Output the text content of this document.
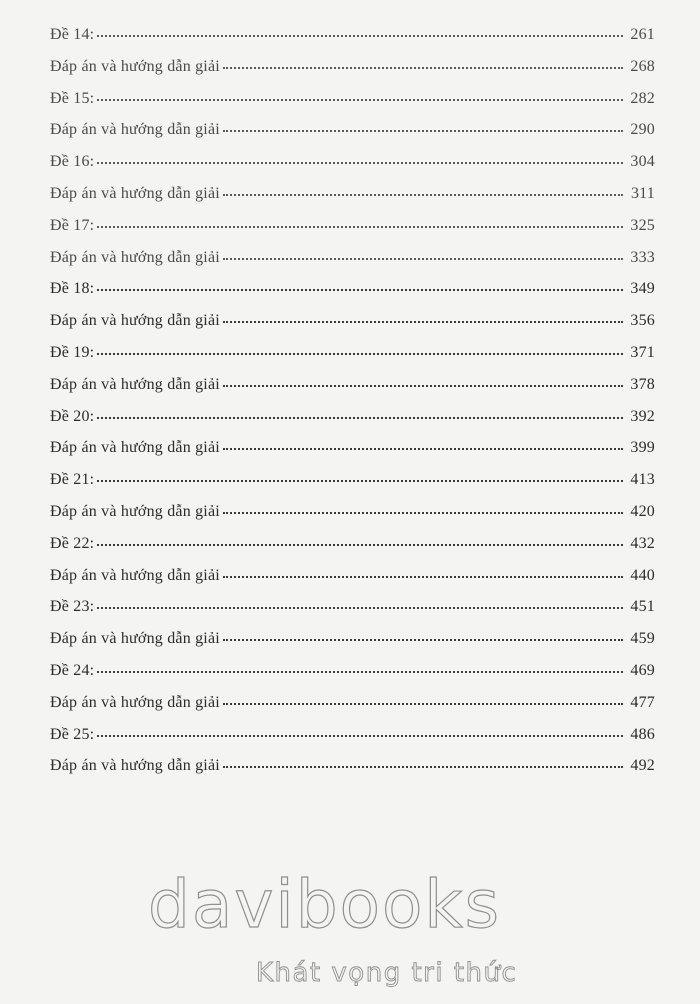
Đề 14:	261
Đáp án và hướng dẫn giải	268
Đề 15:	282
Đáp án và hướng dẫn giải	290
Đề 16:	304
Đáp án và hướng dẫn giải	311
Đề 17:	325
Đáp án và hướng dẫn giải	333
Đề 18:	349
Đáp án và hướng dẫn giải	356
Đề 19:	371
Đáp án và hướng dẫn giải	378
Đề 20:	392
Đáp án và hướng dẫn giải	399
Đề 21:	413
Đáp án và hướng dẫn giải	420
Đề 22:	432
Đáp án và hướng dẫn giải	440
Đề 23:	451
Đáp án và hướng dẫn giải	459
Đề 24:	469
Đáp án và hướng dẫn giải	477
Đề 25:	486
Đáp án và hướng dẫn giải	492
davibooks
Khát vọng tri thức
